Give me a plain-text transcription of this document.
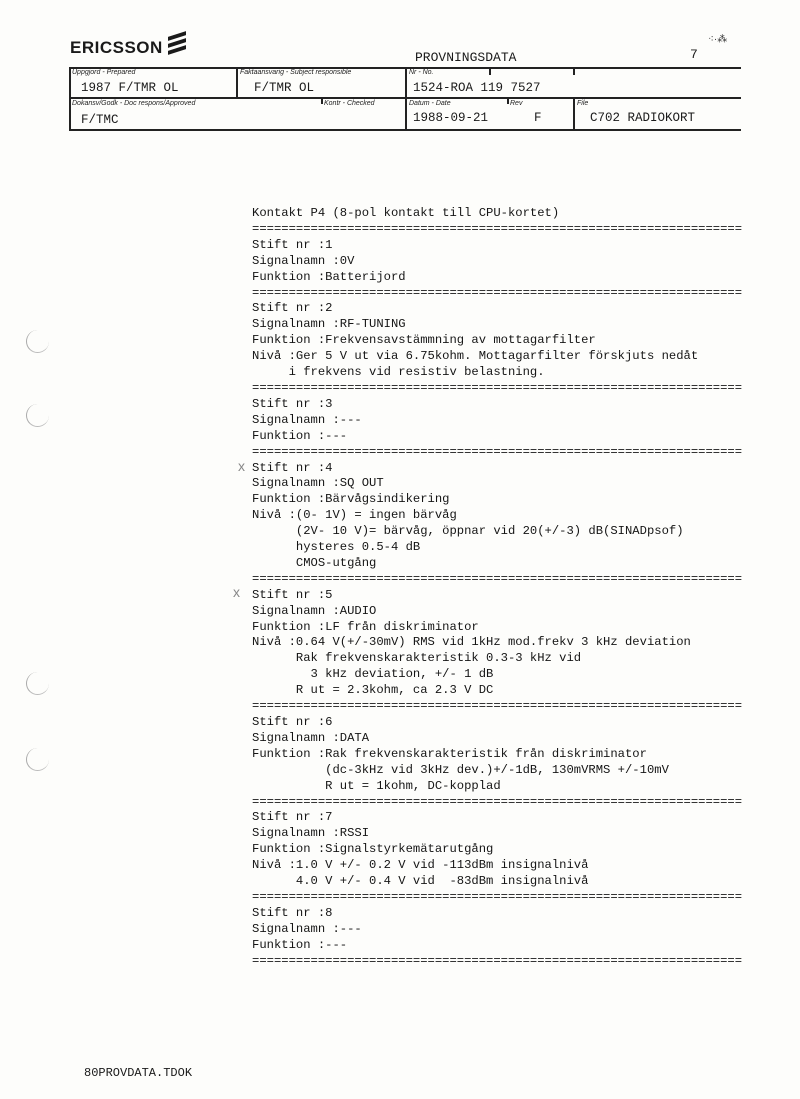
ERICSSON
PROVNINGSDATA	7
⁖·⁂
Uppgjord - Prepared
1987 F/TMR OL
Faktaansvarig - Subject responsible
F/TMR OL
Nr - No.
1524-ROA 119 7527
Dokansv/Godk - Doc respons/Approved
F/TMC
Kontr - Checked	Datum - Date
1988-09-21
Rev
F
File
C702 RADIOKORT
Kontakt P4 (8-pol kontakt till CPU-kortet)
===================================================================
Stift nr :1
Signalnamn :0V
Funktion :Batterijord
===================================================================
Stift nr :2
Signalnamn :RF-TUNING
Funktion :Frekvensavstämmning av mottagarfilter
Nivå :Ger 5 V ut via 6.75kohm. Mottagarfilter förskjuts nedåt
i frekvens vid resistiv belastning.
===================================================================
Stift nr :3
Signalnamn :---
Funktion :---
===================================================================
Stift nr :4
Signalnamn :SQ OUT
Funktion :Bärvågsindikering
Nivå :(0- 1V) = ingen bärvåg
(2V- 10 V)= bärvåg, öppnar vid 20(+/-3) dB(SINADpsof)
hysteres 0.5-4 dB
CMOS-utgång
===================================================================
Stift nr :5
Signalnamn :AUDIO
Funktion :LF från diskriminator
Nivå :0.64 V(+/-30mV) RMS vid 1kHz mod.frekv 3 kHz deviation
Rak frekvenskarakteristik 0.3-3 kHz vid
3 kHz deviation, +/- 1 dB
R ut = 2.3kohm, ca 2.3 V DC
===================================================================
Stift nr :6
Signalnamn :DATA
Funktion :Rak frekvenskarakteristik från diskriminator
(dc-3kHz vid 3kHz dev.)+/-1dB, 130mVRMS +/-10mV
R ut = 1kohm, DC-kopplad
===================================================================
Stift nr :7
Signalnamn :RSSI
Funktion :Signalstyrkemätarutgång
Nivå :1.0 V +/- 0.2 V vid -113dBm insignalnivå
4.0 V +/- 0.4 V vid  -83dBm insignalnivå
===================================================================
Stift nr :8
Signalnamn :---
Funktion :---
===================================================================
x
x
80PROVDATA.TDOK
